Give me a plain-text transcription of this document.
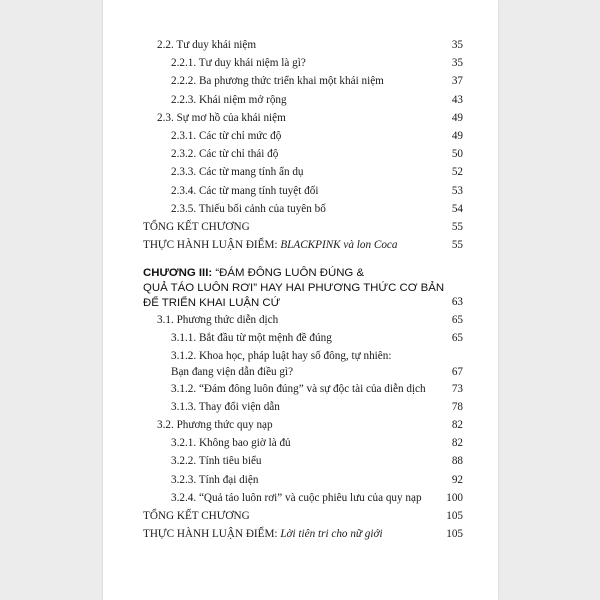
2.2. Tư duy khái niệm	35
2.2.1. Tư duy khái niệm là gì?	35
2.2.2. Ba phương thức triển khai một khái niệm	37
2.2.3. Khái niệm mở rộng	43
2.3. Sự mơ hồ của khái niệm	49
2.3.1. Các từ chỉ mức độ	49
2.3.2. Các từ chỉ thái độ	50
2.3.3. Các từ mang tính ẩn dụ	52
2.3.4. Các từ mang tính tuyệt đối	53
2.3.5. Thiếu bối cảnh của tuyên bố	54
TỔNG KẾT CHƯƠNG	55
THỰC HÀNH LUẬN ĐIỂM: BLACKPINK và lon Coca	55
CHƯƠNG III: “ĐÁM ĐÔNG LUÔN ĐÚNG &
QUẢ TÁO LUÔN RƠI” HAY HAI PHƯƠNG THỨC CƠ BẢN
ĐỂ TRIỂN KHAI LUẬN CỨ	63
3.1. Phương thức diễn dịch	65
3.1.1. Bắt đầu từ một mệnh đề đúng	65
3.1.2. Khoa học, pháp luật hay số đông, tự nhiên:
Bạn đang viện dẫn điều gì?	67
3.1.2. “Đám đông luôn đúng” và sự độc tài của diễn dịch 73
3.1.3. Thay đổi viện dẫn	78
3.2. Phương thức quy nạp	82
3.2.1. Không bao giờ là đủ	82
3.2.2. Tính tiêu biểu	88
3.2.3. Tính đại diện	92
3.2.4. “Quả táo luôn rơi” và cuộc phiêu lưu của quy nạp 100
TỔNG KẾT CHƯƠNG	105
THỰC HÀNH LUẬN ĐIỂM: Lời tiên tri cho nữ giới	105
